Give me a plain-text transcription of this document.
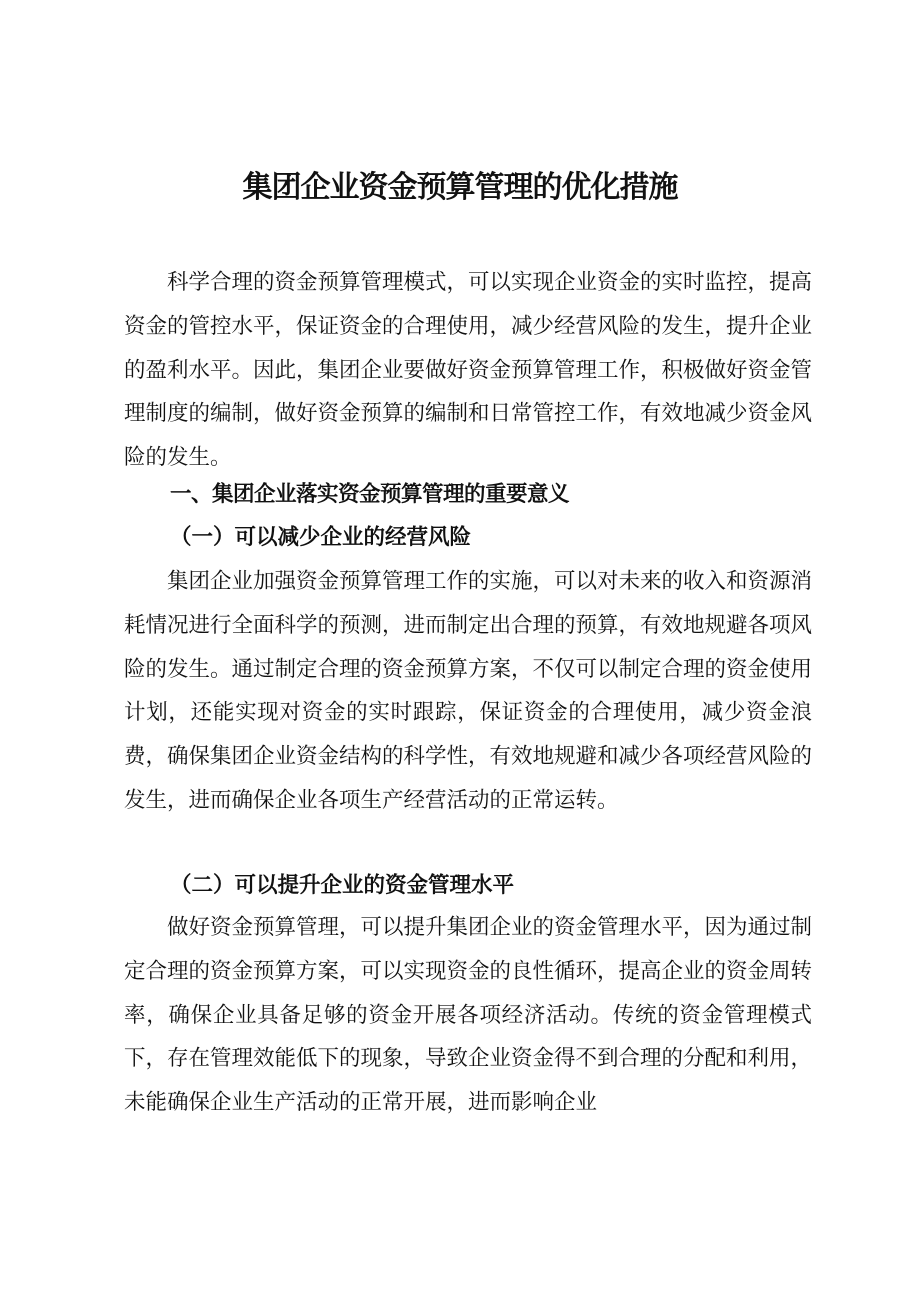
集团企业资金预算管理的优化措施

科学合理的资金预算管理模式，可以实现企业资金的实时监控，提高资金的管控水平，保证资金的合理使用，减少经营风险的发生，提升企业的盈利水平。因此，集团企业要做好资金预算管理工作，积极做好资金管理制度的编制，做好资金预算的编制和日常管控工作，有效地减少资金风险的发生。

一、集团企业落实资金预算管理的重要意义
（一）可以减少企业的经营风险

集团企业加强资金预算管理工作的实施，可以对未来的收入和资源消耗情况进行全面科学的预测，进而制定出合理的预算，有效地规避各项风险的发生。通过制定合理的资金预算方案，不仅可以制定合理的资金使用计划，还能实现对资金的实时跟踪，保证资金的合理使用，减少资金浪费，确保集团企业资金结构的科学性，有效地规避和减少各项经营风险的发生，进而确保企业各项生产经营活动的正常运转。

（二）可以提升企业的资金管理水平

做好资金预算管理，可以提升集团企业的资金管理水平，因为通过制定合理的资金预算方案，可以实现资金的良性循环，提高企业的资金周转率，确保企业具备足够的资金开展各项经济活动。传统的资金管理模式下，存在管理效能低下的现象，导致企业资金得不到合理的分配和利用，未能确保企业生产活动的正常开展，进而影响企业
